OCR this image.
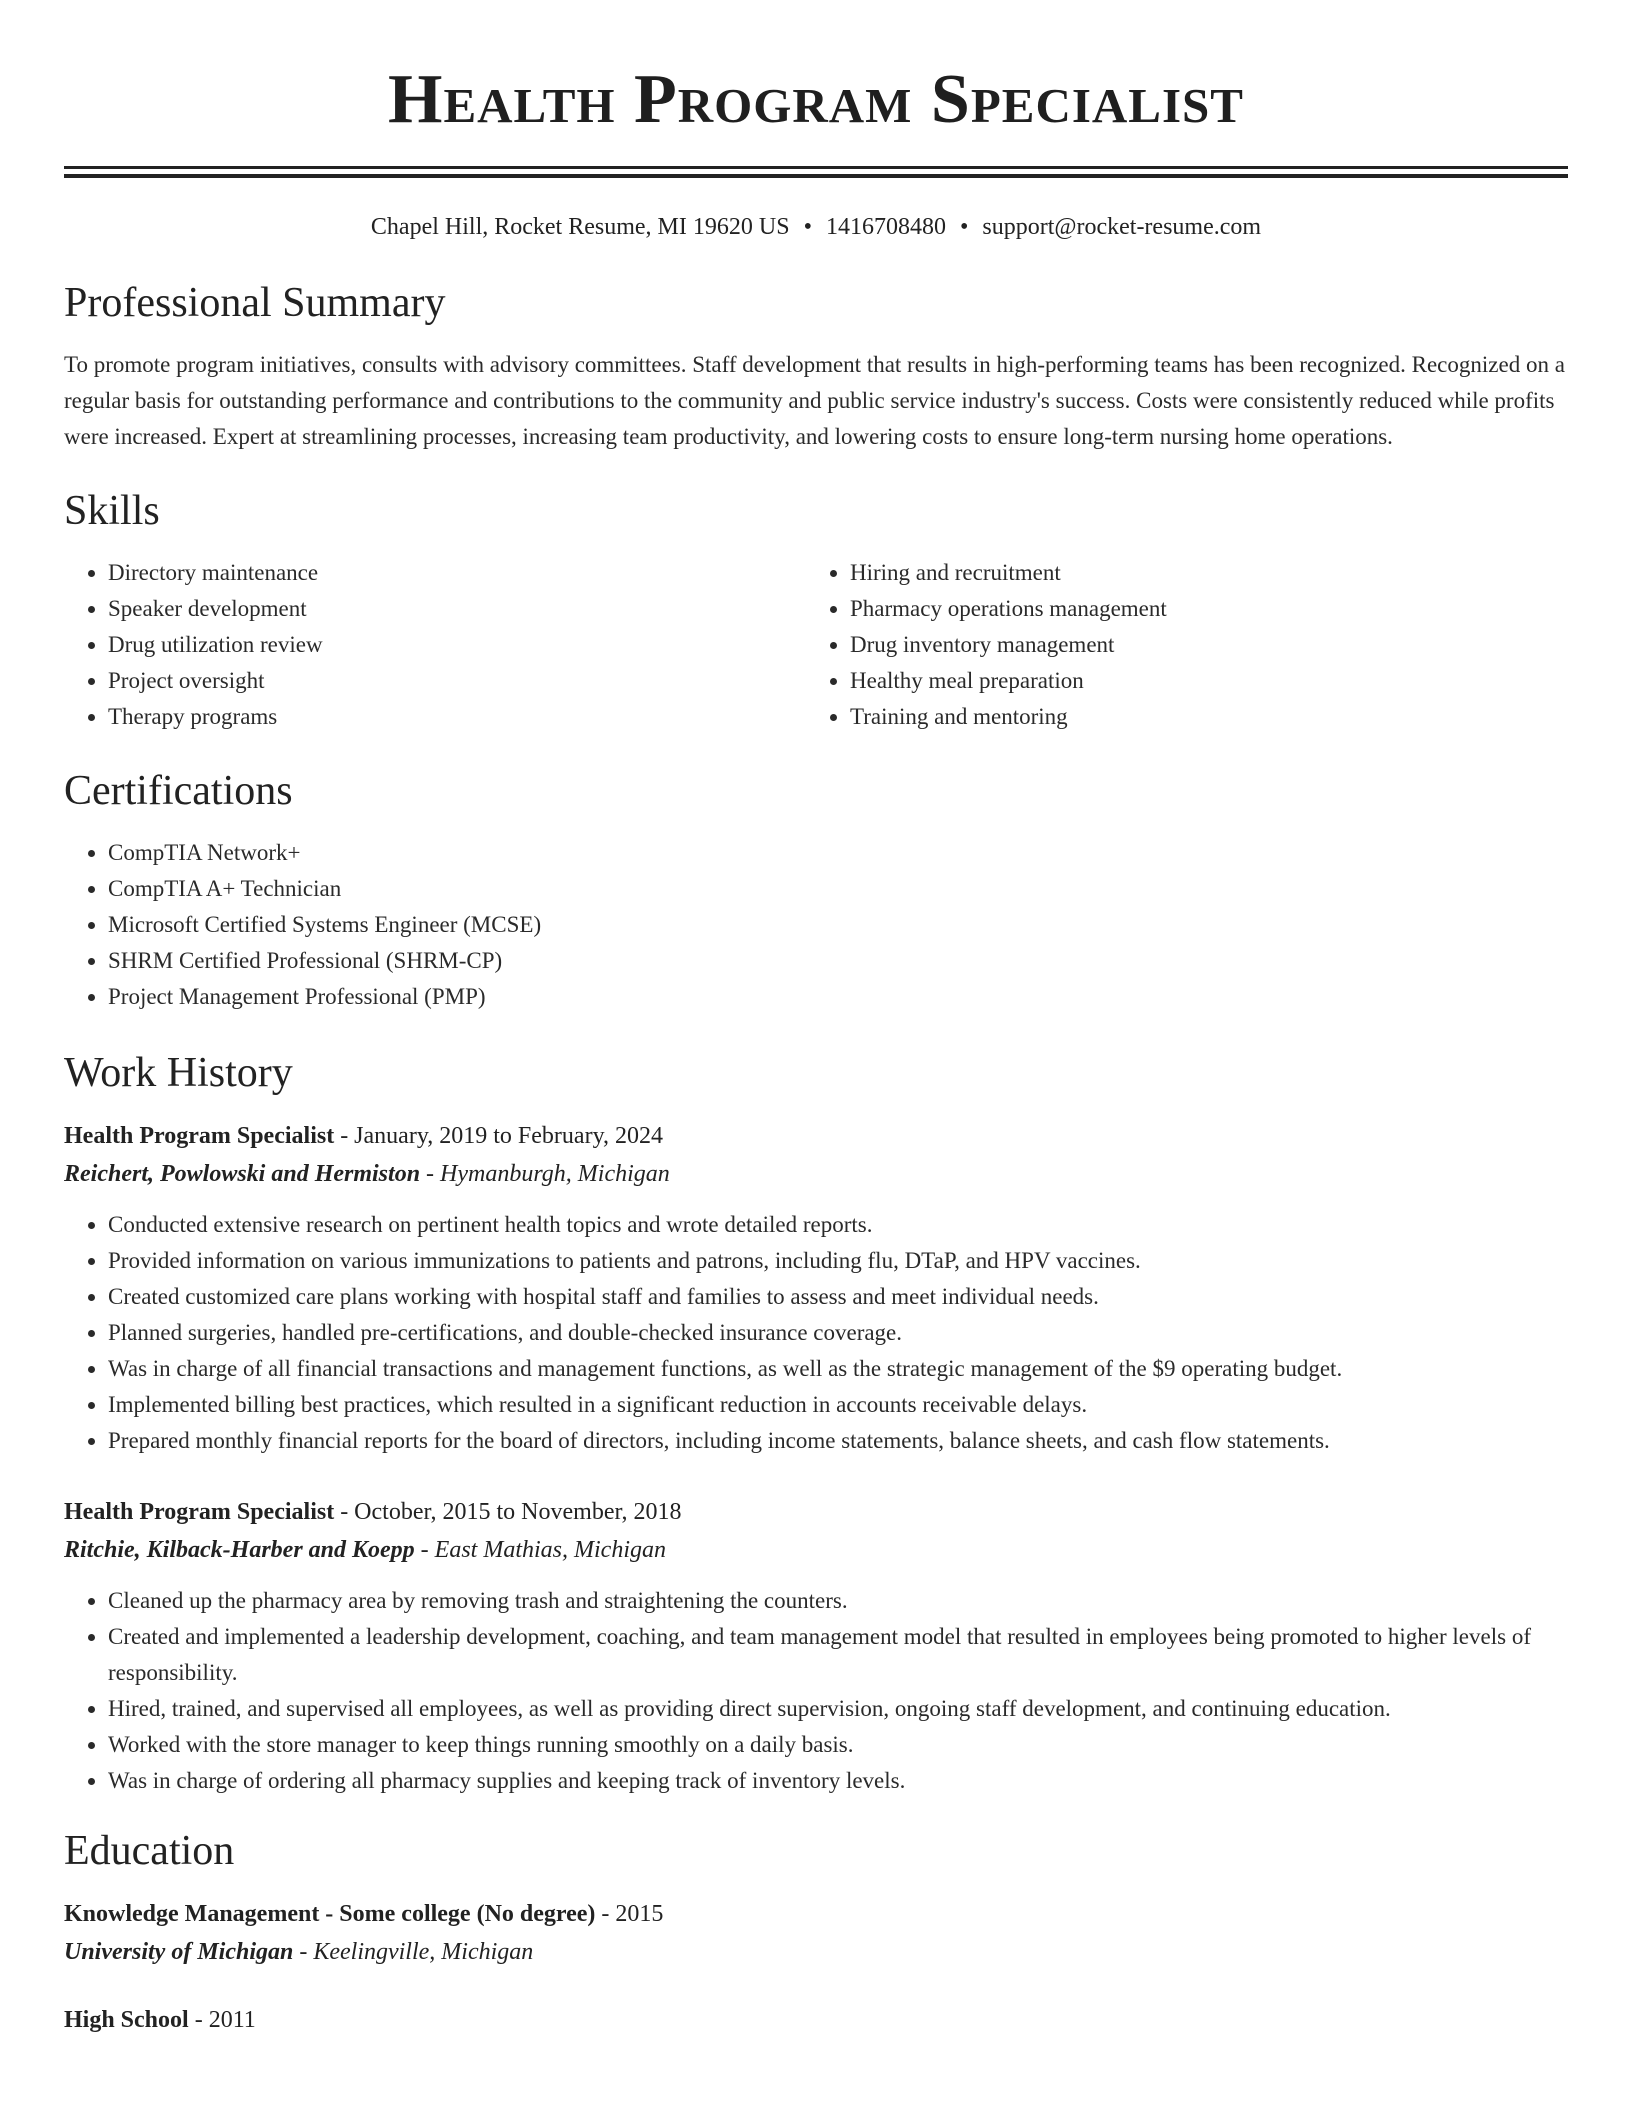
Health Program Specialist
Chapel Hill, Rocket Resume, MI 19620 US • 1416708480 • support@rocket-resume.com
Professional Summary

To promote program initiatives, consults with advisory committees. Staff development that results in high-performing teams has been recognized. Recognized on a regular basis for outstanding performance and contributions to the community and public service industry's success. Costs were consistently reduced while profits were increased. Expert at streamlining processes, increasing team productivity, and lowering costs to ensure long-term nursing home operations.

Skills
• Directory maintenance
• Speaker development
• Drug utilization review
• Project oversight
• Therapy programs
• Hiring and recruitment
• Pharmacy operations management
• Drug inventory management
• Healthy meal preparation
• Training and mentoring
Certifications
• CompTIA Network+
• CompTIA A+ Technician
• Microsoft Certified Systems Engineer (MCSE)
• SHRM Certified Professional (SHRM-CP)
• Project Management Professional (PMP)
Work History
Health Program Specialist - January, 2019 to February, 2024
Reichert, Powlowski and Hermiston - Hymanburgh, Michigan
• Conducted extensive research on pertinent health topics and wrote detailed reports.
• Provided information on various immunizations to patients and patrons, including flu, DTaP, and HPV vaccines.
• Created customized care plans working with hospital staff and families to assess and meet individual needs.
• Planned surgeries, handled pre-certifications, and double-checked insurance coverage.
• Was in charge of all financial transactions and management functions, as well as the strategic management of the $9 operating budget.
• Implemented billing best practices, which resulted in a significant reduction in accounts receivable delays.
• Prepared monthly financial reports for the board of directors, including income statements, balance sheets, and cash flow statements.
Health Program Specialist - October, 2015 to November, 2018
Ritchie, Kilback-Harber and Koepp - East Mathias, Michigan
• Cleaned up the pharmacy area by removing trash and straightening the counters.
• Created and implemented a leadership development, coaching, and team management model that resulted in employees being promoted to higher levels of responsibility.
• Hired, trained, and supervised all employees, as well as providing direct supervision, ongoing staff development, and continuing education.
• Worked with the store manager to keep things running smoothly on a daily basis.
• Was in charge of ordering all pharmacy supplies and keeping track of inventory levels.
Education
Knowledge Management - Some college (No degree) - 2015
University of Michigan - Keelingville, Michigan
High School - 2011
